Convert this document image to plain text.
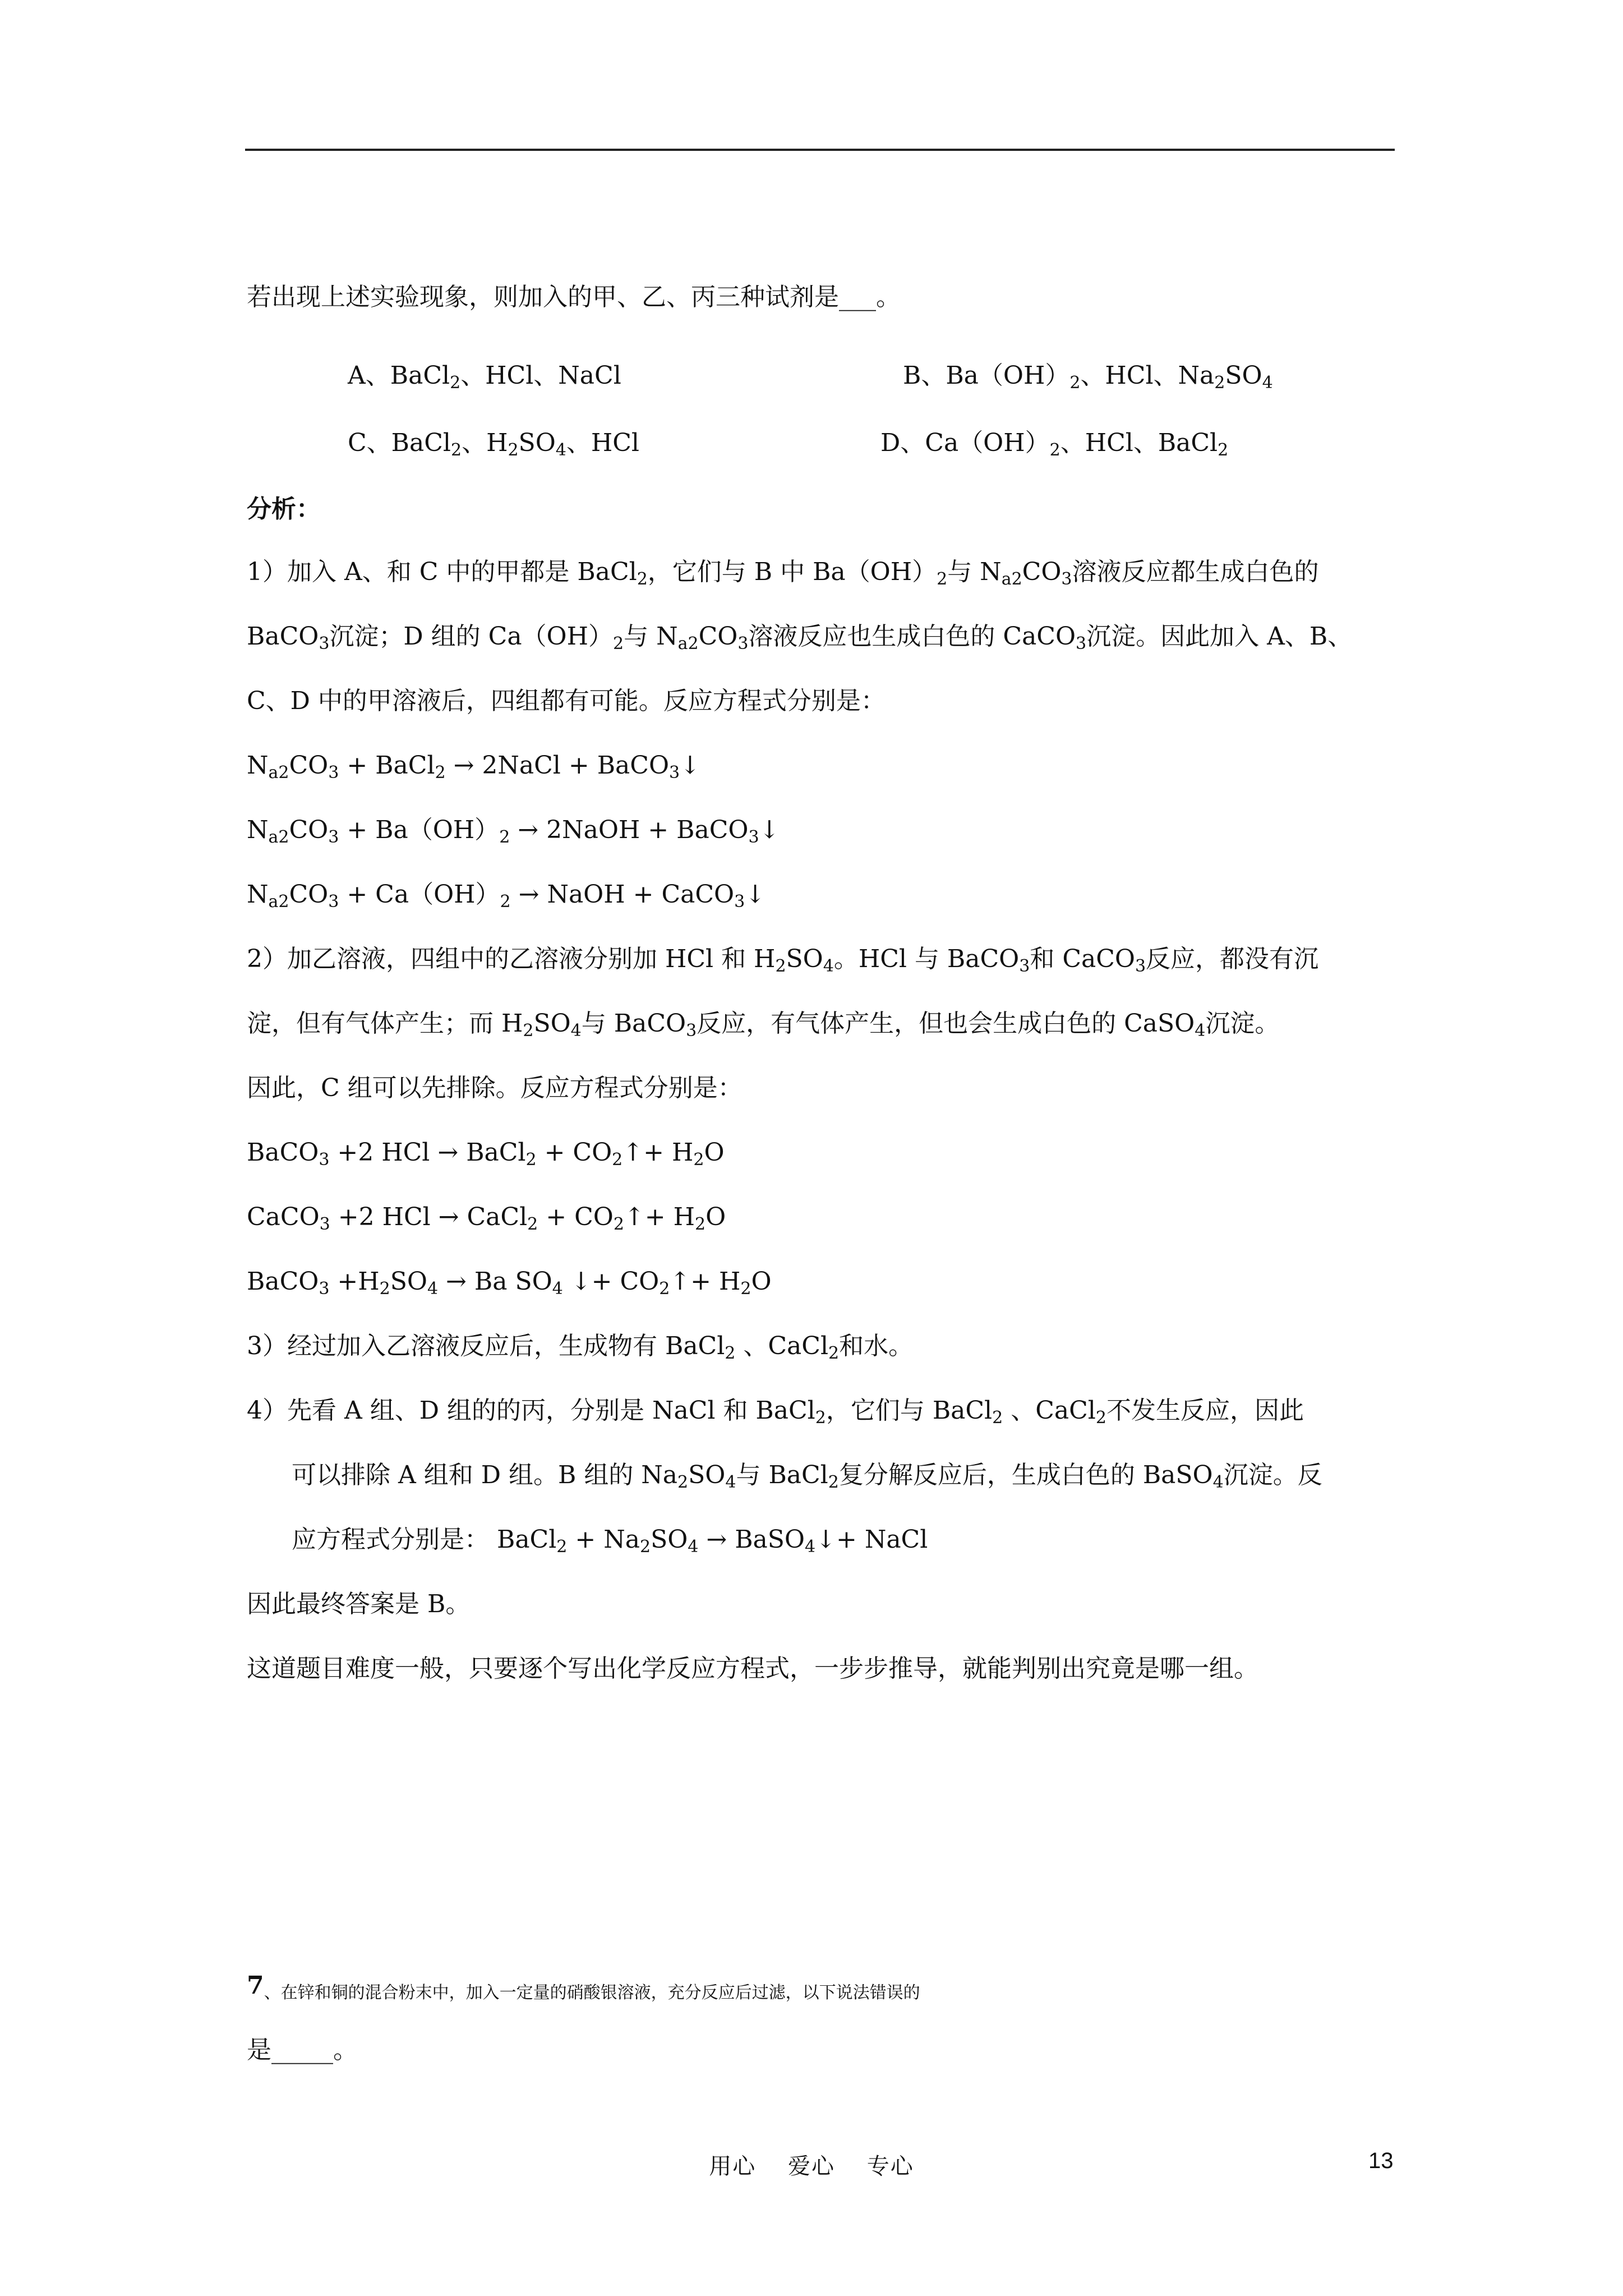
若出现上述实验现象，则加入的甲、乙、丙三种试剂是___。
A、BaCl$_2$、HCl、NaCl	B、$Ba(OH)_2$、HCl、$Na_2SO_4$
C、BaCl$_2$、$H_2SO_4$、HCl	D、$Ca(OH)_2$、HCl、BaCl$_2$
分析：
1）加入 A、和 C 中的甲都是 BaCl$_2$，它们与 B 中 $Ba(OH)_2$与 $N_{a2}CO_3$溶液反应都生成白色的
BaCO$_3$沉淀；D 组的 $Ca(OH)_2$与 $N_{a2}CO_3$溶液反应也生成白色的 CaCO$_3$沉淀。因此加入 A、B、
C、D 中的甲溶液后，四组都有可能。反应方程式分别是：
$N_{a2}CO_3$ + BaCl$_2$ → 2NaCl + BaCO$_3$↓
$N_{a2}CO_3 + Ba(OH)_2$ → 2NaOH + BaCO$_3$↓
$N_{a2}CO_3 + Ca(OH)_2$ → NaOH + CaCO$_3$↓
2）加乙溶液，四组中的乙溶液分别加 HCl 和 $H_2SO_4$。HCl 与 BaCO$_3$和 CaCO$_3$反应，都没有沉
淀，但有气体产生；而 $H_2SO_4$与 BaCO$_3$反应，有气体产生，但也会生成白色的 CaSO$_4$沉淀。
因此，C 组可以先排除。反应方程式分别是：
BaCO$_3$ +2 HCl → BaCl$_2$ + $CO_2↑+ H_2O$
CaCO$_3$ +2 HCl → CaCl$_2$ + $CO_2↑+ H_2O$
BaCO$_3$ $+H_2SO_4 \to Ba$ $SO_4$ ↓+ $CO_2↑+ H_2O$
3）经过加入乙溶液反应后，生成物有 BaCl$_2$ 、CaCl$_2$和水。
4）先看 A 组、D 组的的丙，分别是 NaCl 和 BaCl$_2$，它们与 BaCl$_2$ 、CaCl$_2$不发生反应，因此
可以排除 A 组和 D 组。B 组的 $Na_2SO_4$与 BaCl$_2$复分解反应后，生成白色的 BaSO$_4$沉淀。反
应方程式分别是： BaCl$_2$ + $Na_2SO_4$ → BaSO$_4$↓+ NaCl
因此最终答案是 B。
这道题目难度一般，只要逐个写出化学反应方程式，一步步推导，就能判别出究竟是哪一组。
$7_{、在锌和铜的混合粉末中,加入一定量的硝酸银溶液,充分反应后过滤,以下说法错误的}$
是_____。
用心　 爱心　 专心	13
